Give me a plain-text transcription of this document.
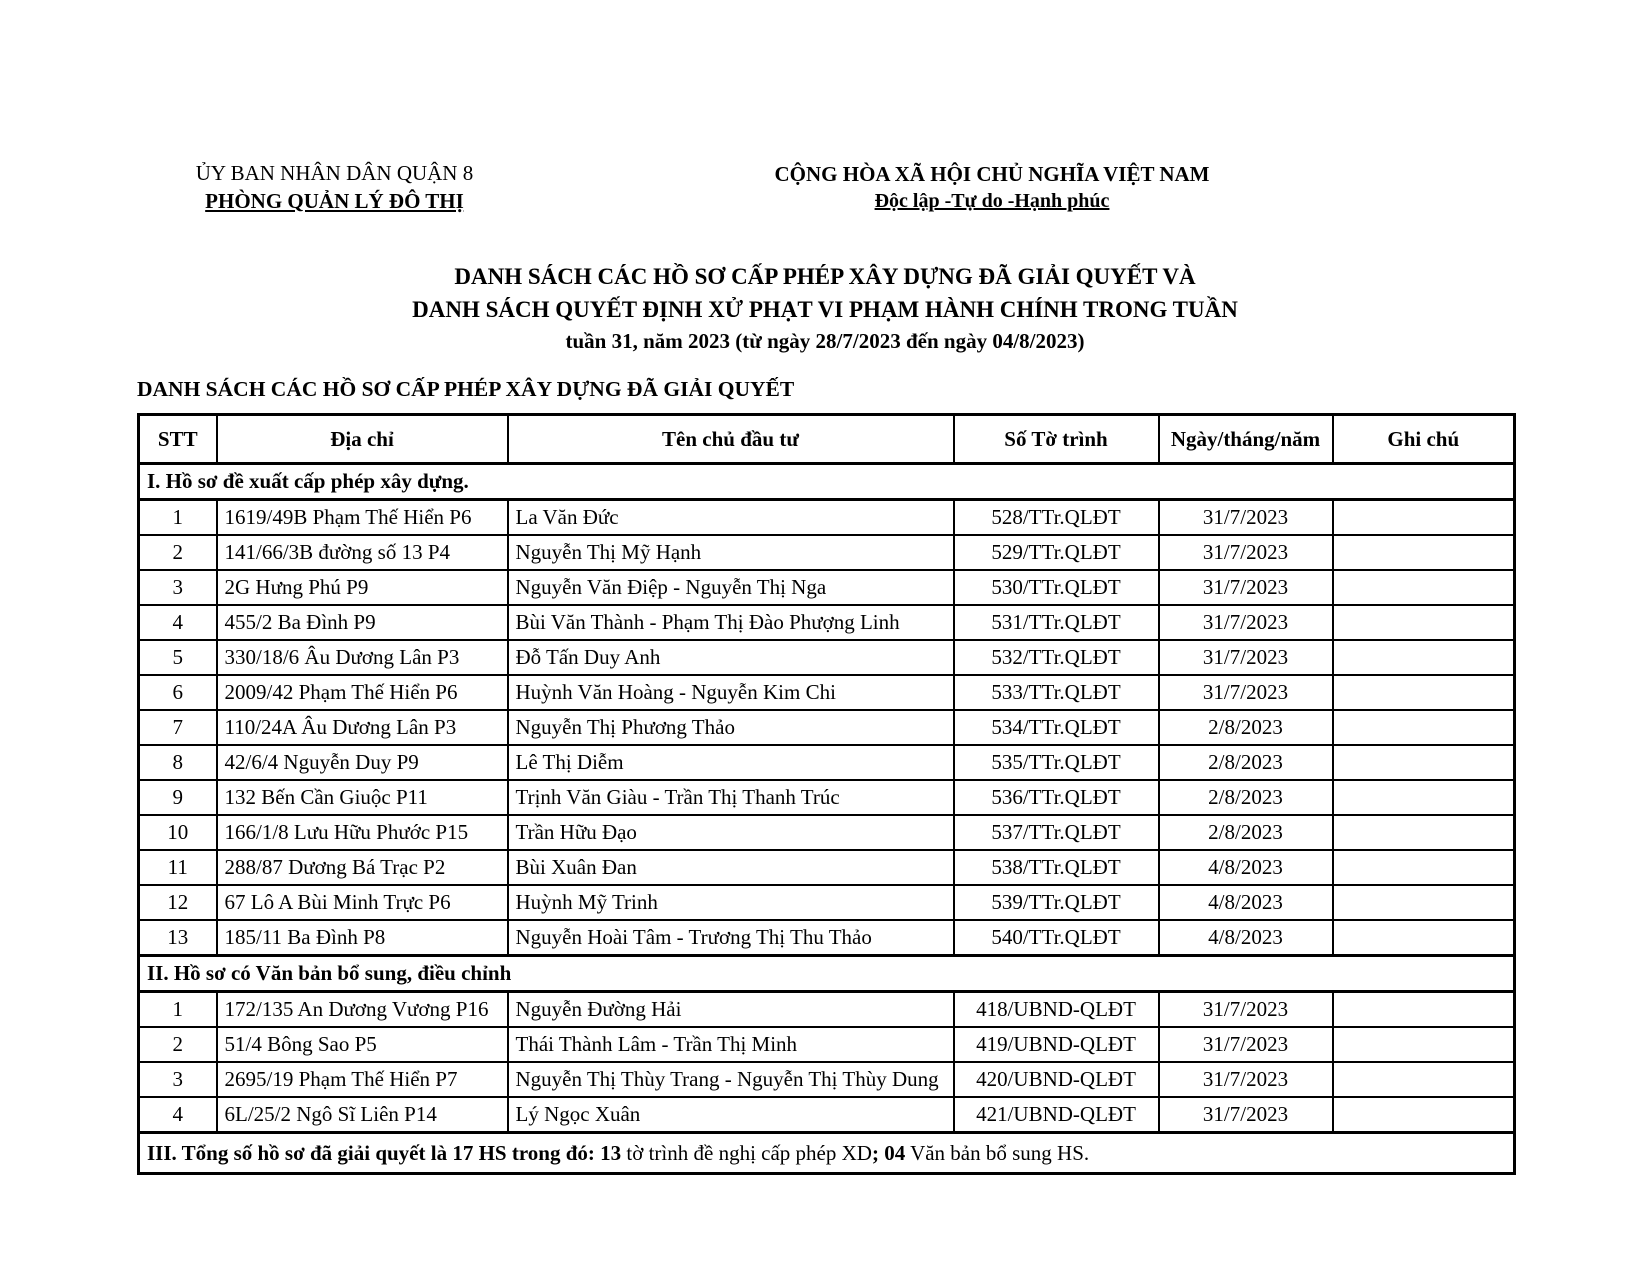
ỦY BAN NHÂN DÂN QUẬN 8
PHÒNG QUẢN LÝ ĐÔ THỊ
CỘNG HÒA XÃ HỘI CHỦ NGHĨA VIỆT NAM
Độc lập -Tự do -Hạnh phúc
DANH SÁCH CÁC HỒ SƠ CẤP PHÉP XÂY DỰNG ĐÃ GIẢI QUYẾT VÀ
DANH SÁCH QUYẾT ĐỊNH XỬ PHẠT VI PHẠM HÀNH CHÍNH TRONG TUẦN
tuần 31, năm 2023 (từ ngày 28/7/2023 đến ngày 04/8/2023)
DANH SÁCH CÁC HỒ SƠ CẤP PHÉP XÂY DỰNG ĐÃ GIẢI QUYẾT
STT	Địa chỉ	Tên chủ đầu tư	Số Tờ trình	Ngày/tháng/năm	Ghi chú
I. Hồ sơ đề xuất cấp phép xây dựng.					
1	1619/49B Phạm Thế Hiển P6	La Văn Đức	528/TTr.QLĐT	31/7/2023	
2	141/66/3B đường số 13 P4	Nguyễn Thị Mỹ Hạnh	529/TTr.QLĐT	31/7/2023	
3	2G Hưng Phú P9	Nguyễn Văn Điệp - Nguyễn Thị Nga	530/TTr.QLĐT	31/7/2023	
4	455/2 Ba Đình P9	Bùi Văn Thành - Phạm Thị Đào Phượng Linh	531/TTr.QLĐT	31/7/2023	
5	330/18/6 Âu Dương Lân P3	Đỗ Tấn Duy Anh	532/TTr.QLĐT	31/7/2023	
6	2009/42 Phạm Thế Hiển P6	Huỳnh Văn Hoàng - Nguyễn Kim Chi	533/TTr.QLĐT	31/7/2023	
7	110/24A Âu Dương Lân P3	Nguyễn Thị Phương Thảo	534/TTr.QLĐT	2/8/2023	
8	42/6/4 Nguyễn Duy P9	Lê Thị Diễm	535/TTr.QLĐT	2/8/2023	
9	132 Bến Cần Giuộc P11	Trịnh Văn Giàu - Trần Thị Thanh Trúc	536/TTr.QLĐT	2/8/2023	
10	166/1/8 Lưu Hữu Phước P15	Trần Hữu Đạo	537/TTr.QLĐT	2/8/2023	
11	288/87 Dương Bá Trạc P2	Bùi Xuân Đan	538/TTr.QLĐT	4/8/2023	
12	67 Lô A Bùi Minh Trực P6	Huỳnh Mỹ Trinh	539/TTr.QLĐT	4/8/2023	
13	185/11 Ba Đình P8	Nguyễn Hoài Tâm - Trương Thị Thu Thảo	540/TTr.QLĐT	4/8/2023	
II. Hồ sơ có Văn bản bổ sung, điều chỉnh					
1	172/135 An Dương Vương P16	Nguyễn Đường Hải	418/UBND-QLĐT	31/7/2023	
2	51/4 Bông Sao P5	Thái Thành Lâm - Trần Thị Minh	419/UBND-QLĐT	31/7/2023	
3	2695/19 Phạm Thế Hiển P7	Nguyễn Thị Thùy Trang - Nguyễn Thị Thùy Dung	420/UBND-QLĐT	31/7/2023	
4	6L/25/2 Ngô Sĩ Liên P14	Lý Ngọc Xuân	421/UBND-QLĐT	31/7/2023	
III. Tổng số hồ sơ đã giải quyết là 17 HS trong đó: 13 tờ trình đề nghị cấp phép XD; 04 Văn bản bổ sung HS.					
